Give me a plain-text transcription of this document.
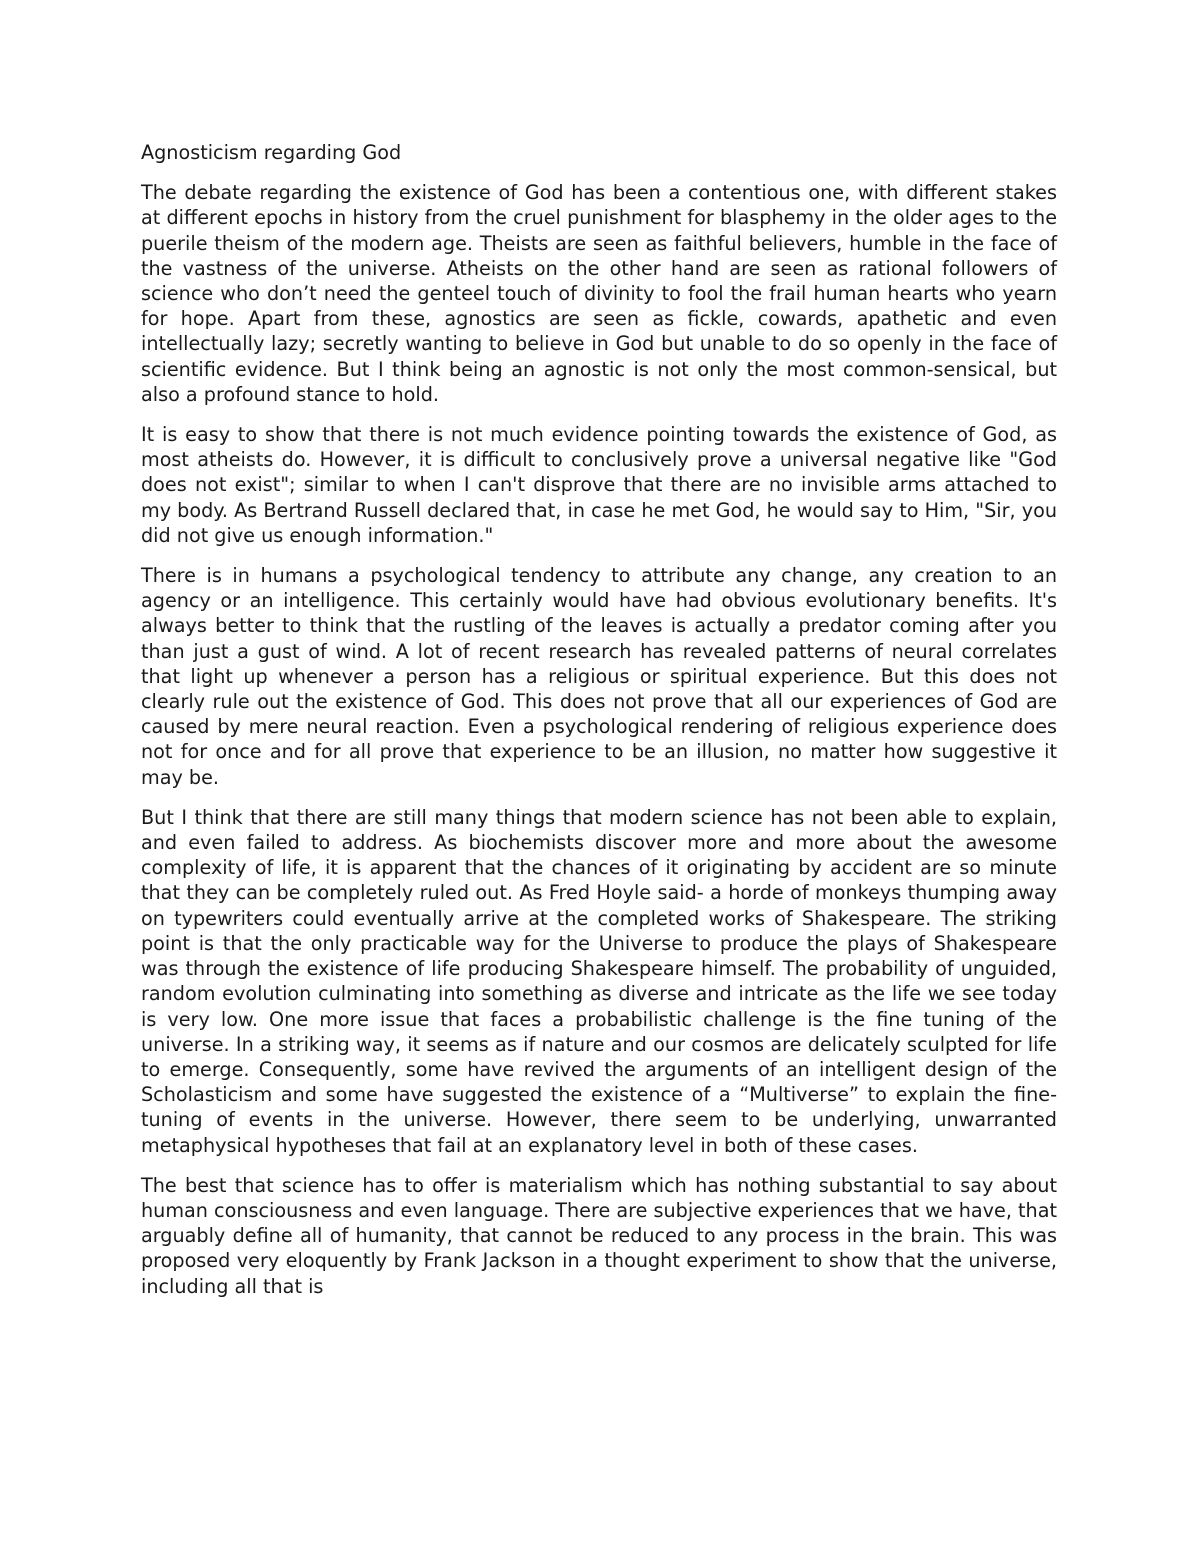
Agnosticism regarding God

The debate regarding the existence of God has been a contentious one, with different stakes at different epochs in history from the cruel punishment for blasphemy in the older ages to the puerile theism of the modern age. Theists are seen as faithful believers, humble in the face of the vastness of the universe. Atheists on the other hand are seen as rational followers of science who don’t need the genteel touch of divinity to fool the frail human hearts who yearn for hope. Apart from these, agnostics are seen as fickle, cowards, apathetic and even intellectually lazy; secretly wanting to believe in God but unable to do so openly in the face of scientific evidence. But I think being an agnostic is not only the most common-sensical, but also a profound stance to hold.

It is easy to show that there is not much evidence pointing towards the existence of God, as most atheists do. However, it is difficult to conclusively prove a universal negative like "God does not exist"; similar to when I can't disprove that there are no invisible arms attached to my body. As Bertrand Russell declared that, in case he met God, he would say to Him, "Sir, you did not give us enough information."

There is in humans a psychological tendency to attribute any change, any creation to an agency or an intelligence. This certainly would have had obvious evolutionary benefits. It's always better to think that the rustling of the leaves is actually a predator coming after you than just a gust of wind. A lot of recent research has revealed patterns of neural correlates that light up whenever a person has a religious or spiritual experience. But this does not clearly rule out the existence of God. This does not prove that all our experiences of God are caused by mere neural reaction. Even a psychological rendering of religious experience does not for once and for all prove that experience to be an illusion, no matter how suggestive it may be.

But I think that there are still many things that modern science has not been able to explain, and even failed to address. As biochemists discover more and more about the awesome complexity of life, it is apparent that the chances of it originating by accident are so minute that they can be completely ruled out. As Fred Hoyle said- a horde of monkeys thumping away on typewriters could eventually arrive at the completed works of Shakespeare. The striking point is that the only practicable way for the Universe to produce the plays of Shakespeare was through the existence of life producing Shakespeare himself. The probability of unguided, random evolution culminating into something as diverse and intricate as the life we see today is very low. One more issue that faces a probabilistic challenge is the fine tuning of the universe. In a striking way, it seems as if nature and our cosmos are delicately sculpted for life to emerge. Consequently, some have revived the arguments of an intelligent design of the Scholasticism and some have suggested the existence of a “Multiverse” to explain the fine-tuning of events in the universe. However, there seem to be underlying, unwarranted metaphysical hypotheses that fail at an explanatory level in both of these cases.

The best that science has to offer is materialism which has nothing substantial to say about human consciousness and even language. There are subjective experiences that we have, that arguably define all of humanity, that cannot be reduced to any process in the brain. This was proposed very eloquently by Frank Jackson in a thought experiment to show that the universe, including all that is
